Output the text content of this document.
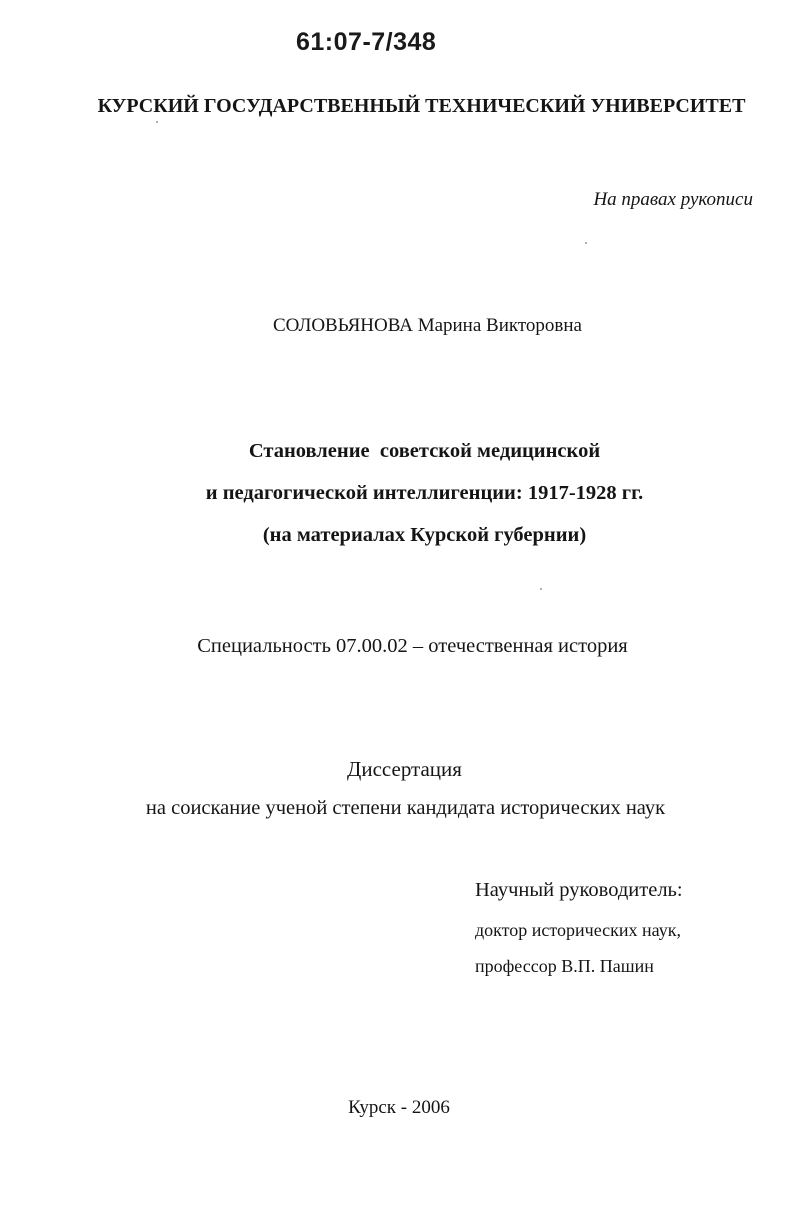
61:07-7/348
КУРСКИЙ ГОСУДАРСТВЕННЫЙ ТЕХНИЧЕСКИЙ УНИВЕРСИТЕТ
На правах рукописи
СОЛОВЬЯНОВА Марина Викторовна
Становление  советской медицинской
и педагогической интеллигенции: 1917-1928 гг.
(на материалах Курской губернии)
Специальность 07.00.02 – отечественная история
Диссертация
на соискание ученой степени кандидата исторических наук
Научный руководитель:
доктор исторических наук,
профессор В.П. Пашин
Курск - 2006
